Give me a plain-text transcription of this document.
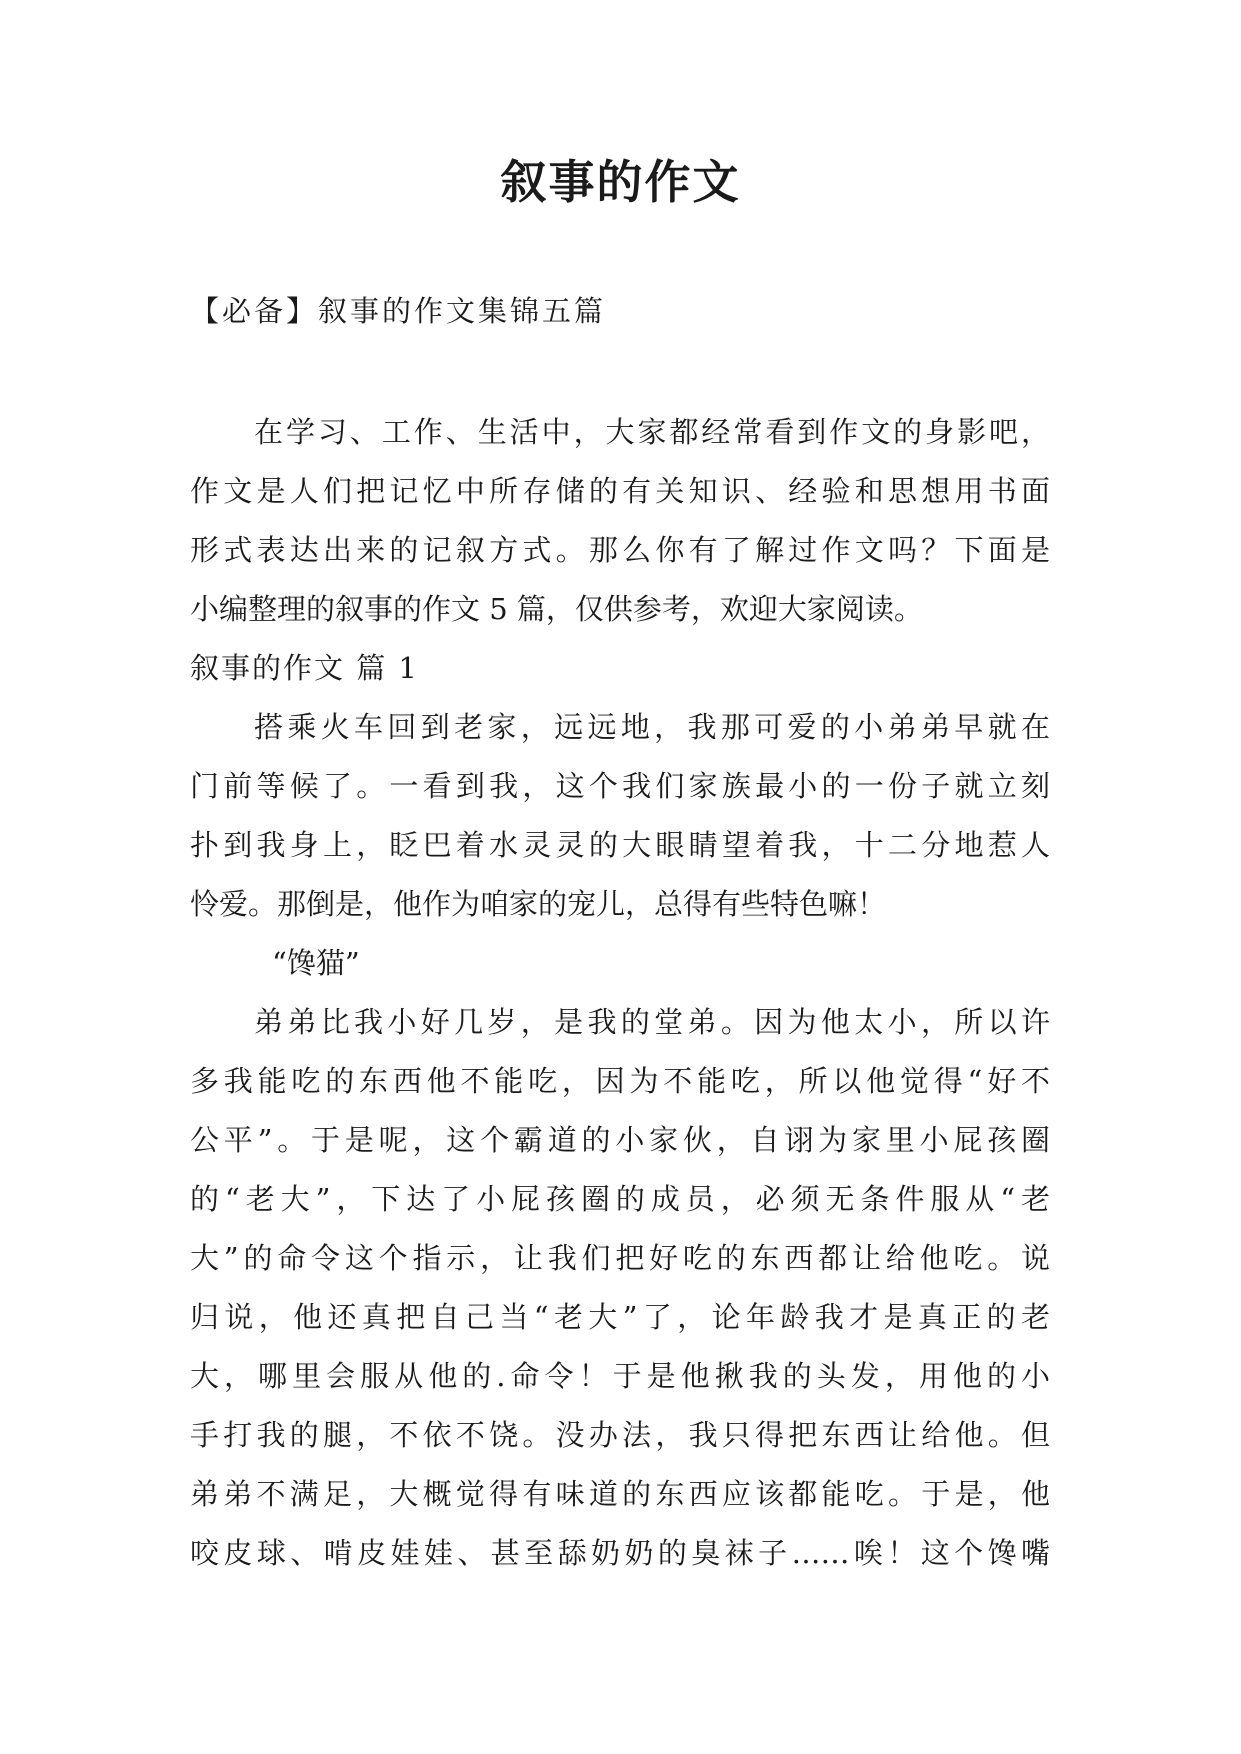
叙事的作文
【必备】叙事的作文集锦五篇
在学习、工作、生活中，大家都经常看到作文的身影吧，
作文是人们把记忆中所存储的有关知识、经验和思想用书面
形式表达出来的记叙方式。那么你有了解过作文吗？下面是
小编整理的叙事的作文 5 篇，仅供参考，欢迎大家阅读。
叙事的作文 篇 1
搭乘火车回到老家，远远地，我那可爱的小弟弟早就在
门前等候了。一看到我，这个我们家族最小的一份子就立刻
扑到我身上，眨巴着水灵灵的大眼睛望着我，十二分地惹人
怜爱。那倒是，他作为咱家的宠儿，总得有些特色嘛！
“馋猫”
弟弟比我小好几岁，是我的堂弟。因为他太小，所以许
多我能吃的东西他不能吃，因为不能吃，所以他觉得“好不
公平”。于是呢，这个霸道的小家伙，自诩为家里小屁孩圈
的“老大”，下达了小屁孩圈的成员，必须无条件服从“老
大”的命令这个指示，让我们把好吃的东西都让给他吃。说
归说，他还真把自己当“老大”了，论年龄我才是真正的老
大，哪里会服从他的.命令！于是他揪我的头发，用他的小
手打我的腿，不依不饶。没办法，我只得把东西让给他。但
弟弟不满足，大概觉得有味道的东西应该都能吃。于是，他
咬皮球、啃皮娃娃、甚至舔奶奶的臭袜子……唉！这个馋嘴
